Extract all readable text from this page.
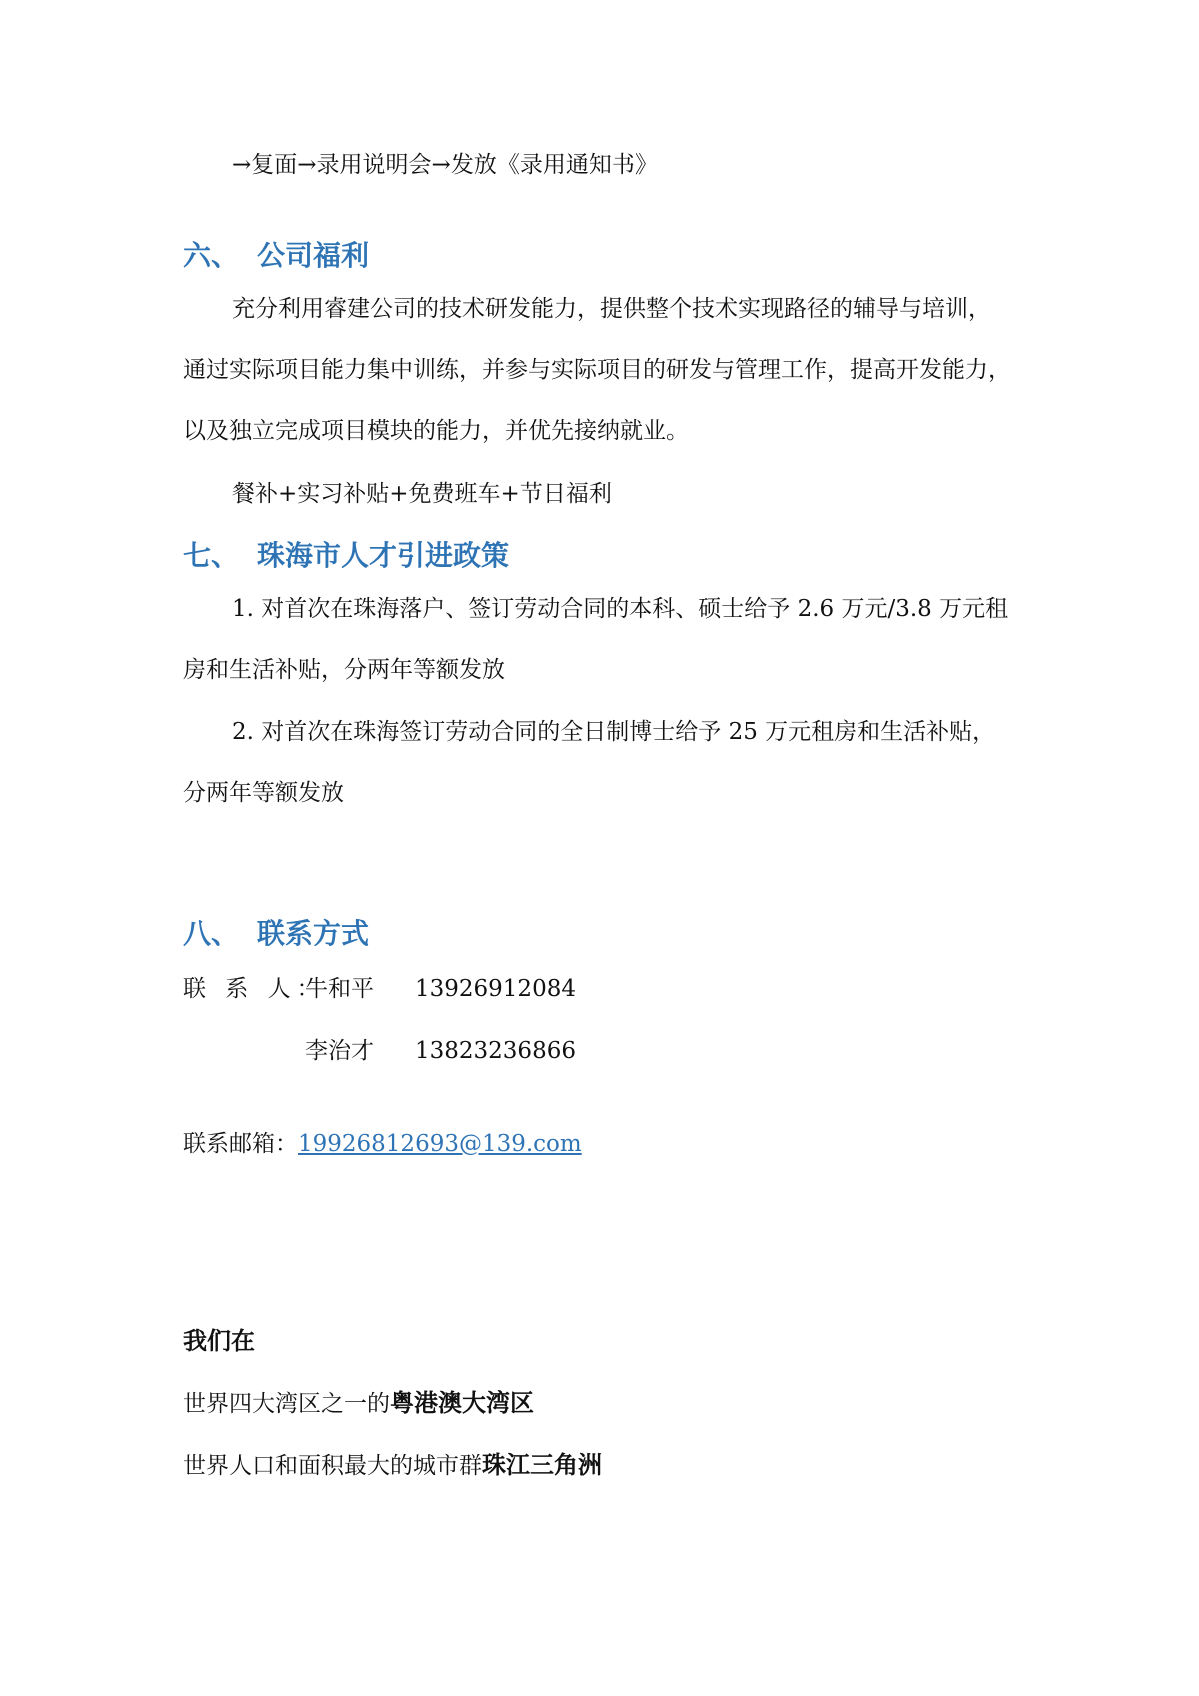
→复面→录用说明会→发放《录用通知书》
六、 公司福利
充分利用睿建公司的技术研发能力，提供整个技术实现路径的辅导与培训，
通过实际项目能力集中训练，并参与实际项目的研发与管理工作，提高开发能力，
以及独立完成项目模块的能力，并优先接纳就业。
餐补+实习补贴+免费班车+节日福利
七、 珠海市人才引进政策
1. 对首次在珠海落户、签订劳动合同的本科、硕士给予 2.6 万元/3.8 万元租
房和生活补贴，分两年等额发放
2. 对首次在珠海签订劳动合同的全日制博士给予 25 万元租房和生活补贴，
分两年等额发放
八、 联系方式
联 系 人：牛和平 13926912084
李治才 13823236866
联系邮箱：19926812693@139.com
我们在
世界四大湾区之一的粤港澳大湾区
世界人口和面积最大的城市群珠江三角洲
